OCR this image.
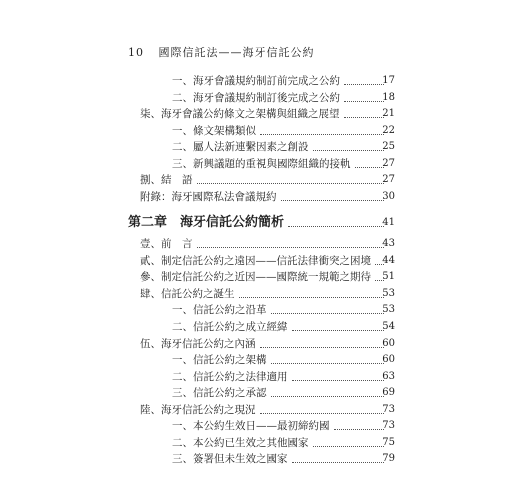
10 國際信託法——海牙信託公約
一、海牙會議規約制訂前完成之公約	17
二、海牙會議規約制訂後完成之公約	18
柒、海牙會議公約條文之架構與組織之展望	21
一、條文架構類似	22
二、屬人法新連繫因素之創設	25
三、新興議題的重視與國際組織的接軌	27
捌、結　語	27
附錄：海牙國際私法會議規約	30
第二章　海牙信託公約簡析	41
壹、前　言	43
貳、制定信託公約之遠因——信託法律衝突之困境 44
參、制定信託公約之近因——國際統一規範之期待 51
肆、信託公約之誕生	53
一、信託公約之沿革	53
二、信託公約之成立經緯	54
伍、海牙信託公約之內涵	60
一、信託公約之架構	60
二、信託公約之法律適用	63
三、信託公約之承認	69
陸、海牙信託公約之現況	73
一、本公約生效日——最初締約國	73
二、本公約已生效之其他國家	75
三、簽署但未生效之國家	79
